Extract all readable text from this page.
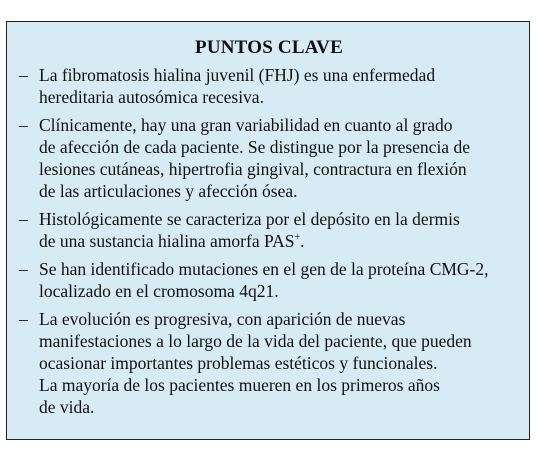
PUNTOS CLAVE
– La fibromatosis hialina juvenil (FHJ) es una enfermedad
hereditaria autosómica recesiva.
– Clínicamente, hay una gran variabilidad en cuanto al grado
de afección de cada paciente. Se distingue por la presencia de
lesiones cutáneas, hipertrofia gingival, contractura en flexión
de las articulaciones y afección ósea.
– Histológicamente se caracteriza por el depósito en la dermis
de una sustancia hialina amorfa PAS+.
– Se han identificado mutaciones en el gen de la proteína CMG-2,
localizado en el cromosoma 4q21.
– La evolución es progresiva, con aparición de nuevas
manifestaciones a lo largo de la vida del paciente, que pueden
ocasionar importantes problemas estéticos y funcionales.
La mayoría de los pacientes mueren en los primeros años
de vida.
